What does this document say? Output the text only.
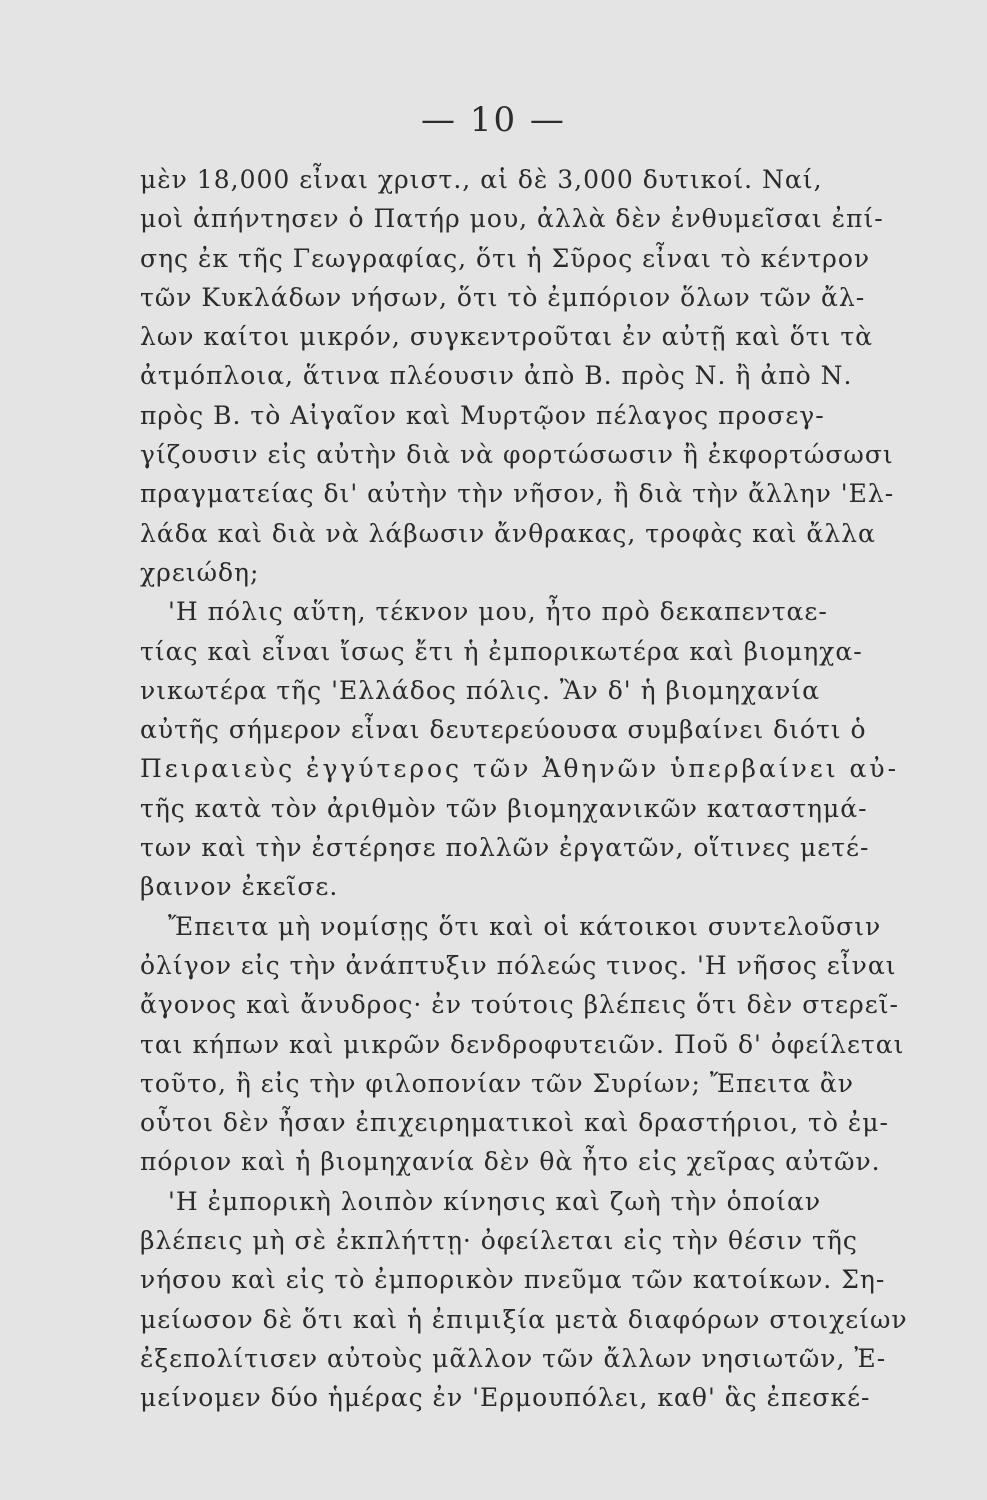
— 10 —
μὲν 18,000 εἶναι χριστ., αἱ δὲ 3,000 δυτικοί. Ναί,
μοὶ ἀπήντησεν ὁ Πατήρ μου, ἀλλὰ δὲν ἐνθυμεῖσαι ἐπί-
σης ἐκ τῆς Γεωγραφίας, ὅτι ἡ Σῦρος εἶναι τὸ κέντρον
τῶν Κυκλάδων νήσων, ὅτι τὸ ἐμπόριον ὅλων τῶν ἄλ-
λων καίτοι μικρόν, συγκεντροῦται ἐν αὐτῇ καὶ ὅτι τὰ
ἀτμόπλοια, ἅτινα πλέουσιν ἀπὸ Β. πρὸς Ν. ἢ ἀπὸ Ν.
πρὸς Β. τὸ Αἰγαῖον καὶ Μυρτῷον πέλαγος προσεγ-
γίζουσιν εἰς αὐτὴν διὰ νὰ φορτώσωσιν ἢ ἐκφορτώσωσι
πραγματείας δι' αὐτὴν τὴν νῆσον, ἢ διὰ τὴν ἄλλην 'Ελ-
λάδα καὶ διὰ νὰ λάβωσιν ἄνθρακας, τροφὰς καὶ ἄλλα
χρειώδη;
'Η πόλις αὕτη, τέκνον μου, ἦτο πρὸ δεκαπενταε-
τίας καὶ εἶναι ἴσως ἔτι ἡ ἐμπορικωτέρα καὶ βιομηχα-
νικωτέρα τῆς 'Ελλάδος πόλις. Ἂν δ' ἡ βιομηχανία
αὐτῆς σήμερον εἶναι δευτερεύουσα συμβαίνει διότι ὁ
Πειραιεὺς ἐγγύτερος τῶν Ἀθηνῶν ὑπερβαίνει αὐ-
τῆς κατὰ τὸν ἀριθμὸν τῶν βιομηχανικῶν καταστημά-
των καὶ τὴν ἐστέρησε πολλῶν ἐργατῶν, οἵτινες μετέ-
βαινον ἐκεῖσε.
Ἔπειτα μὴ νομίσῃς ὅτι καὶ οἱ κάτοικοι συντελοῦσιν
ὀλίγον εἰς τὴν ἀνάπτυξιν πόλεώς τινος. 'Η νῆσος εἶναι
ἄγονος καὶ ἄνυδρος· ἐν τούτοις βλέπεις ὅτι δὲν στερεῖ-
ται κήπων καὶ μικρῶν δενδροφυτειῶν. Ποῦ δ' ὀφείλεται
τοῦτο, ἢ εἰς τὴν φιλοπονίαν τῶν Συρίων; Ἔπειτα ἂν
οὗτοι δὲν ἦσαν ἐπιχειρηματικοὶ καὶ δραστήριοι, τὸ ἐμ-
πόριον καὶ ἡ βιομηχανία δὲν θὰ ἦτο εἰς χεῖρας αὐτῶν.
'Η ἐμπορικὴ λοιπὸν κίνησις καὶ ζωὴ τὴν ὁποίαν
βλέπεις μὴ σὲ ἐκπλήττῃ· ὀφείλεται εἰς τὴν θέσιν τῆς
νήσου καὶ εἰς τὸ ἐμπορικὸν πνεῦμα τῶν κατοίκων. Ση-
μείωσον δὲ ὅτι καὶ ἡ ἐπιμιξία μετὰ διαφόρων στοιχείων
ἐξεπολίτισεν αὐτοὺς μᾶλλον τῶν ἄλλων νησιωτῶν, Ἐ-
μείνομεν δύο ἡμέρας ἐν 'Ερμουπόλει, καθ' ἃς ἐπεσκέ-
